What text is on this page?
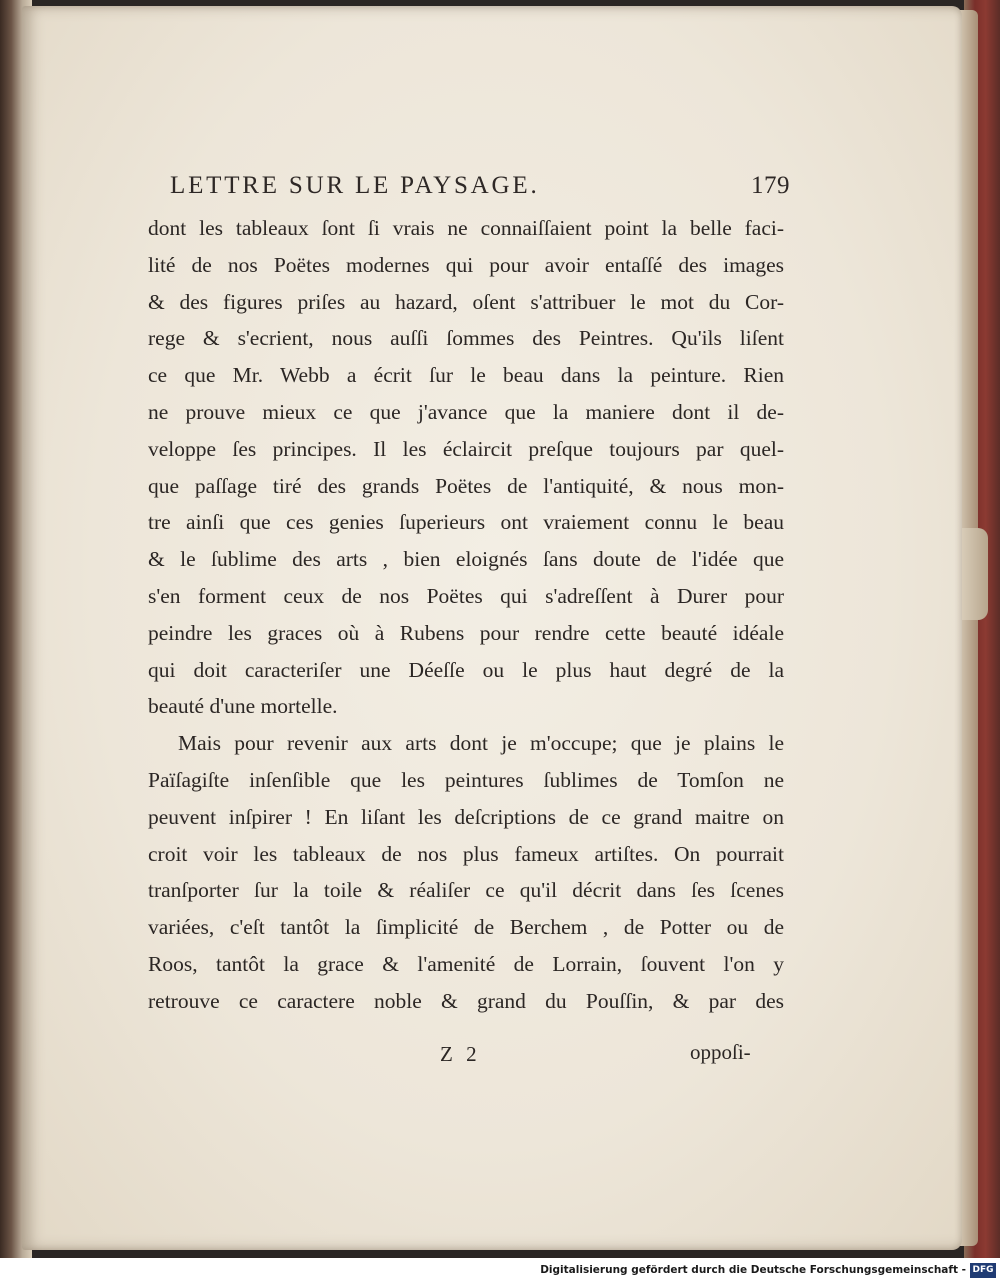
LETTRE SUR LE PAYSAGE.	179
dont les tableaux ſont ſi vrais ne connaiſſaient point la belle faci-
lité de nos Poëtes modernes qui pour avoir entaſſé des images
& des figures priſes au hazard, oſent s'attribuer le mot du Cor-
rege & s'ecrient, nous auſſi ſommes des Peintres. Qu'ils liſent
ce que Mr. Webb a écrit ſur le beau dans la peinture. Rien
ne prouve mieux ce que j'avance que la maniere dont il de-
veloppe ſes principes. Il les éclaircit preſque toujours par quel-
que paſſage tiré des grands Poëtes de l'antiquité, & nous mon-
tre ainſi que ces genies ſuperieurs ont vraiement connu le beau
& le ſublime des arts , bien eloignés ſans doute de l'idée que
s'en forment ceux de nos Poëtes qui s'adreſſent à Durer pour
peindre les graces où à Rubens pour rendre cette beauté idéale
qui doit caracteriſer une Déeſſe ou le plus haut degré de la
beauté d'une mortelle.
Mais pour revenir aux arts dont je m'occupe; que je plains le
Païſagiſte inſenſible que les peintures ſublimes de Tomſon ne
peuvent inſpirer ! En liſant les deſcriptions de ce grand maitre on
croit voir les tableaux de nos plus fameux artiſtes. On pourrait
tranſporter ſur la toile & réaliſer ce qu'il décrit dans ſes ſcenes
variées, c'eſt tantôt la ſimplicité de Berchem , de Potter ou de
Roos, tantôt la grace & l'amenité de Lorrain, ſouvent l'on y
retrouve ce caractere noble & grand du Pouſſin, & par des
Z 2	oppoſi-
Digitalisierung gefördert durch die Deutsche Forschungsgemeinschaft - DFG
